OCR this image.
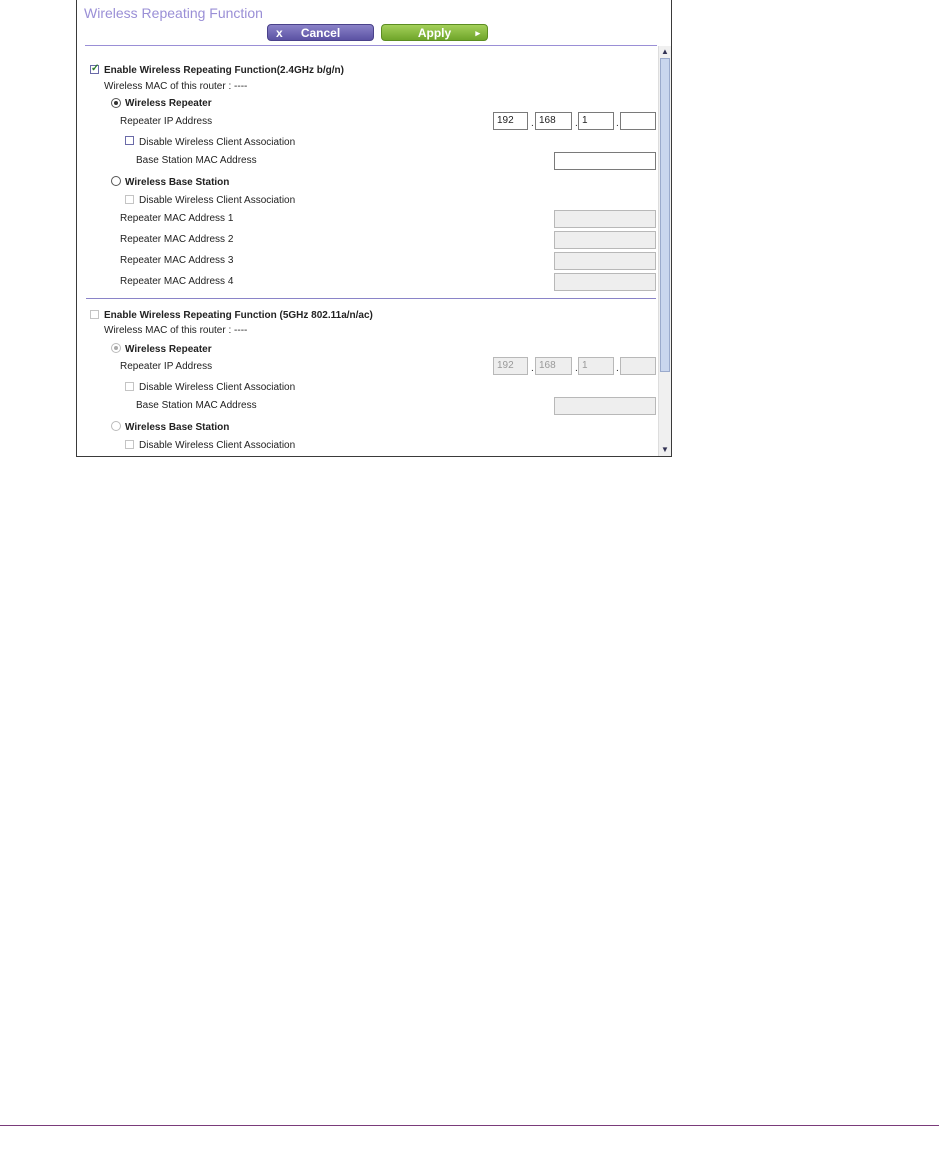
Wireless Repeating Function
x	Cancel	Apply	▸
✓
Enable Wireless Repeating Function(2.4GHz b/g/n)
Wireless MAC of this router : ----
Wireless Repeater
Repeater IP Address	192	. 168	. 1	.
Disable Wireless Client Association
Base Station MAC Address
Wireless Base Station
Disable Wireless Client Association
Repeater MAC Address 1
Repeater MAC Address 2
Repeater MAC Address 3
Repeater MAC Address 4
Enable Wireless Repeating Function (5GHz 802.11a/n/ac)
Wireless MAC of this router : ----
Wireless Repeater
Repeater IP Address	192	. 168	. 1	.
Disable Wireless Client Association
Base Station MAC Address
Wireless Base Station
Disable Wireless Client Association
▲
▼
